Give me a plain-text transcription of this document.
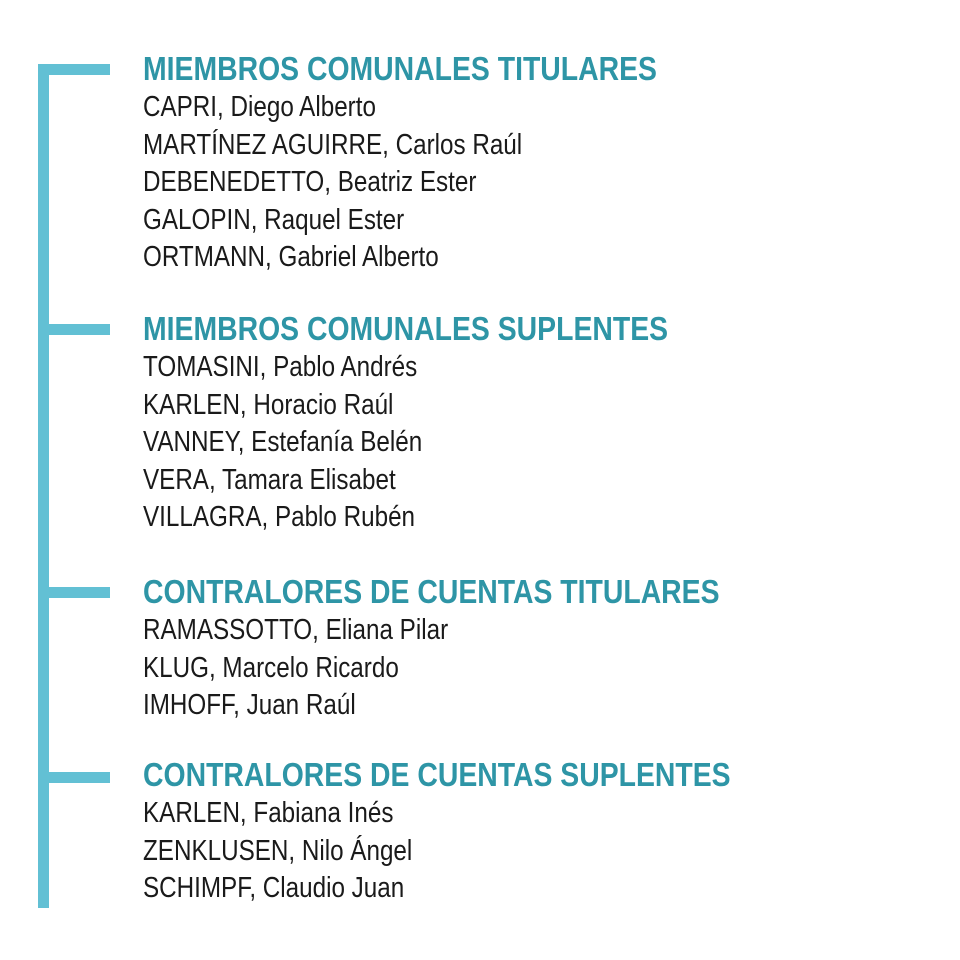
MIEMBROS COMUNALES TITULARES
CAPRI, Diego Alberto
MARTÍNEZ AGUIRRE, Carlos Raúl
DEBENEDETTO, Beatriz Ester
GALOPIN, Raquel Ester
ORTMANN, Gabriel Alberto
MIEMBROS COMUNALES SUPLENTES
TOMASINI, Pablo Andrés
KARLEN, Horacio Raúl
VANNEY, Estefanía Belén
VERA, Tamara Elisabet
VILLAGRA, Pablo Rubén
CONTRALORES DE CUENTAS TITULARES
RAMASSOTTO, Eliana Pilar
KLUG, Marcelo Ricardo
IMHOFF, Juan Raúl
CONTRALORES DE CUENTAS SUPLENTES
KARLEN, Fabiana Inés
ZENKLUSEN, Nilo Ángel
SCHIMPF, Claudio Juan
